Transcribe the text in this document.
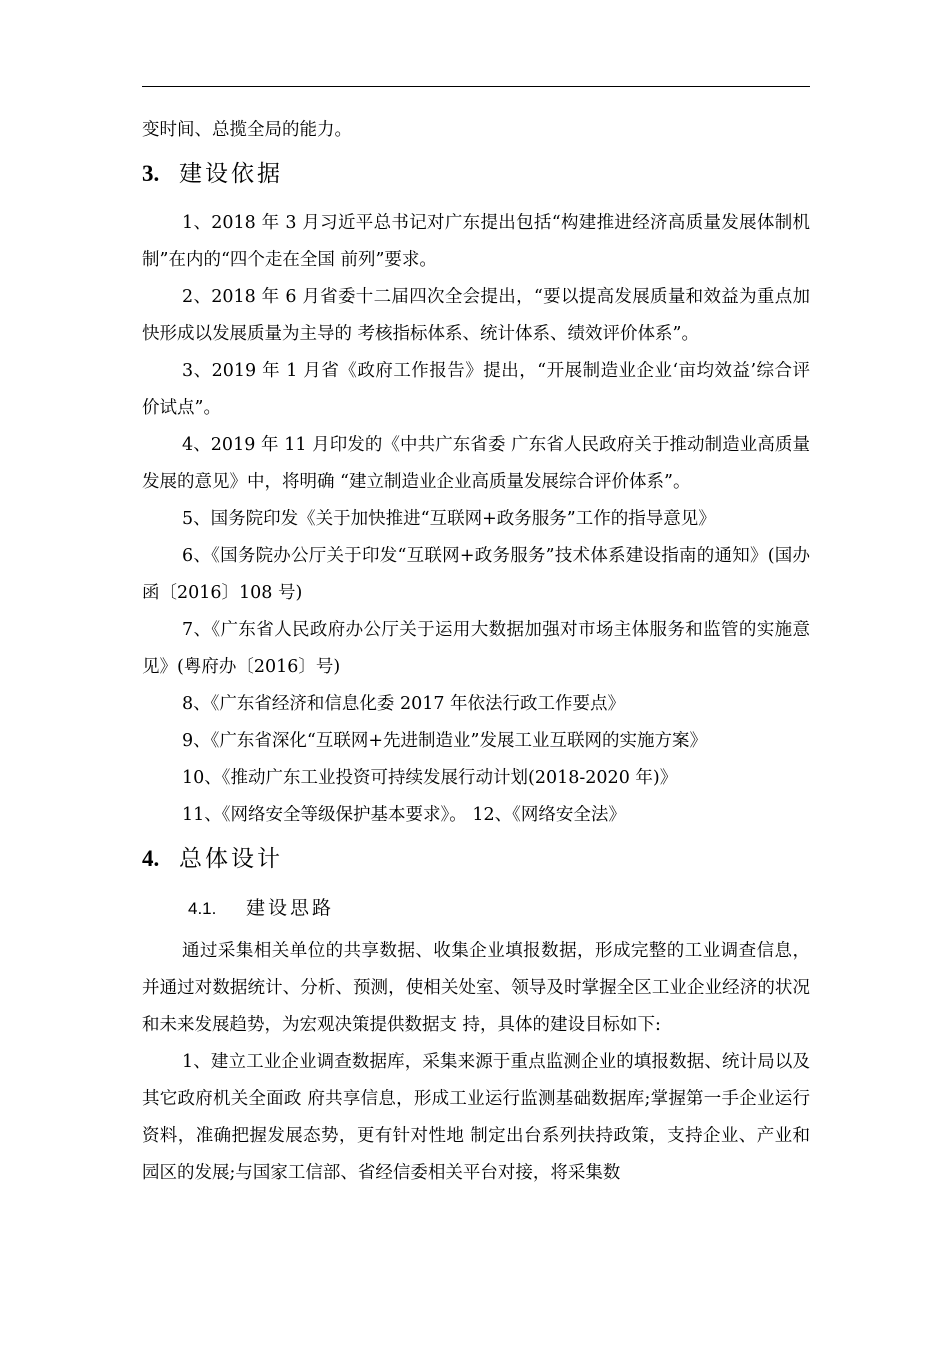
变时间、总揽全局的能力。

3. 建设依据

1、2018 年 3 月习近平总书记对广东提出包括“构建推进经济高质量发展体制机制”在内的“四个走在全国 前列”要求。

2、2018 年 6 月省委十二届四次全会提出，“要以提高发展质量和效益为重点加快形成以发展质量为主导的 考核指标体系、统计体系、绩效评价体系”。

3、2019 年 1 月省《政府工作报告》提出，“开展制造业企业‘亩均效益’综合评价试点”。

4、2019 年 11 月印发的《中共广东省委 广东省人民政府关于推动制造业高质量发展的意见》中，将明确 “建立制造业企业高质量发展综合评价体系”。

5、国务院印发《关于加快推进“互联网+政务服务”工作的指导意见》

6、《国务院办公厅关于印发“互联网+政务服务”技术体系建设指南的通知》(国办函〔2016〕108 号)

7、《广东省人民政府办公厅关于运用大数据加强对市场主体服务和监管的实施意见》(粤府办〔2016〕号)

8、《广东省经济和信息化委 2017 年依法行政工作要点》

9、《广东省深化“互联网+先进制造业”发展工业互联网的实施方案》

10、《推动广东工业投资可持续发展行动计划(2018-2020 年)》

11、《网络安全等级保护基本要求》。 12、《网络安全法》

4. 总体设计
4.1.	建设思路

通过采集相关单位的共享数据、收集企业填报数据，形成完整的工业调查信息，并通过对数据统计、分析、预测，使相关处室、领导及时掌握全区工业企业经济的状况和未来发展趋势，为宏观决策提供数据支 持，具体的建设目标如下:

1、建立工业企业调查数据库，采集来源于重点监测企业的填报数据、统计局以及其它政府机关全面政 府共享信息，形成工业运行监测基础数据库;掌握第一手企业运行资料，准确把握发展态势，更有针对性地 制定出台系列扶持政策，支持企业、产业和园区的发展;与国家工信部、省经信委相关平台对接，将采集数
